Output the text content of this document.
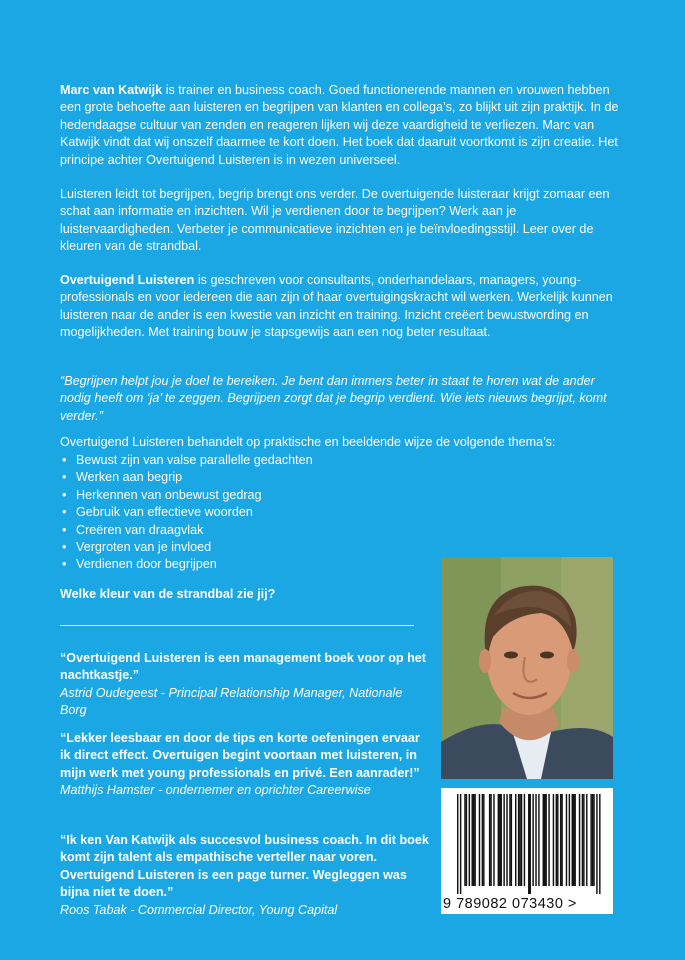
Marc van Katwijk is trainer en business coach. Goed functionerende mannen en vrouwen hebben een grote behoefte aan luisteren en begrijpen van klanten en collega’s, zo blijkt uit zijn praktijk. In de hedendaagse cultuur van zenden en reageren lijken wij deze vaardigheid te verliezen. Marc van Katwijk vindt dat wij onszelf daarmee te kort doen. Het boek dat daaruit voortkomt is zijn creatie. Het principe achter Overtuigend Luisteren is in wezen universeel.
Luisteren leidt tot begrijpen, begrip brengt ons verder. De overtuigende luisteraar krijgt zomaar een schat aan informatie en inzichten. Wil je verdienen door te begrijpen? Werk aan je luistervaardigheden. Verbeter je communicatieve inzichten en je beïnvloedingsstijl. Leer over de kleuren van de strandbal.
Overtuigend Luisteren is geschreven voor consultants, onderhandelaars, managers, young-professionals en voor iedereen die aan zijn of haar overtuigingskracht wil werken. Werkelijk kunnen luisteren naar de ander is een kwestie van inzicht en training. Inzicht creëert bewustwording en mogelijkheden. Met training bouw je stapsgewijs aan een nog beter resultaat.
“Begrijpen helpt jou je doel te bereiken. Je bent dan immers beter in staat te horen wat de ander nodig heeft om ‘ja’ te zeggen. Begrijpen zorgt dat je begrip verdient. Wie iets nieuws begrijpt, komt verder.”
Overtuigend Luisteren behandelt op praktische en beeldende wijze de volgende thema’s:
• Bewust zijn van valse parallelle gedachten
• Werken aan begrip
• Herkennen van onbewust gedrag
• Gebruik van effectieve woorden
• Creëren van draagvlak
• Vergroten van je invloed
• Verdienen door begrijpen
Welke kleur van de strandbal zie jij?
“Overtuigend Luisteren is een management boek voor op het nachtkastje.”
Astrid Oudegeest - Principal Relationship Manager, Nationale Borg
“Lekker leesbaar en door de tips en korte oefeningen ervaar ik direct effect. Overtuigen begint voortaan met luisteren, in mijn werk met young professionals en privé. Een aanrader!”
Matthijs Hamster - ondernemer en oprichter Careerwise
“Ik ken Van Katwijk als succesvol business coach. In dit boek komt zijn talent als empathische verteller naar voren. Overtuigend Luisteren is een page turner. Wegleggen was bijna niet te doen.”
Roos Tabak - Commercial Director, Young Capital	9 789082 073430 >
